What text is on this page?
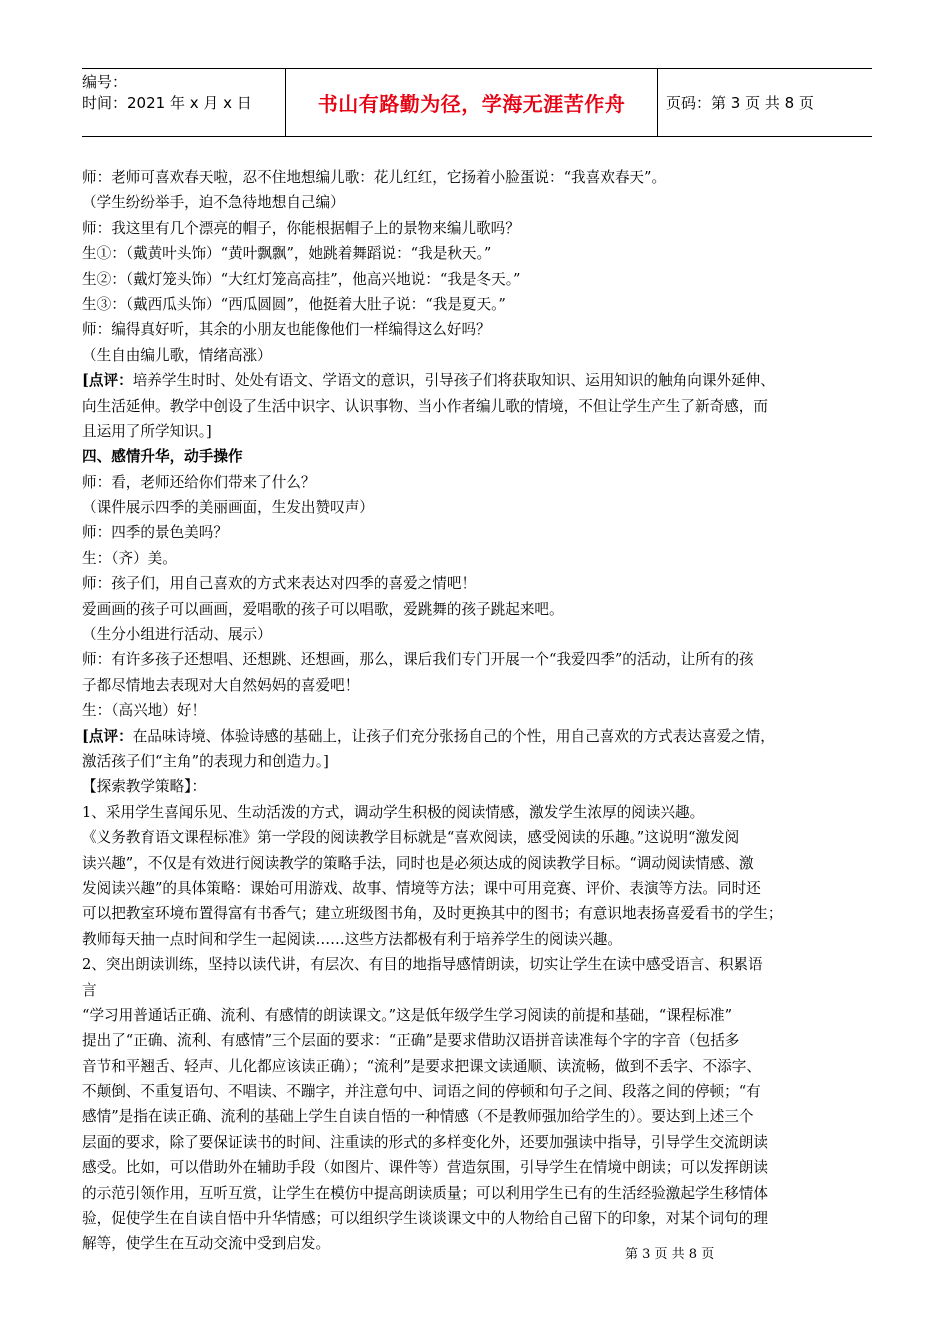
编号：
时间：2021 年 x 月 x 日	书山有路勤为径，学海无涯苦作舟	页码：第 3 页 共 8 页
师：老师可喜欢春天啦，忍不住地想编儿歌：花儿红红，它扬着小脸蛋说：“我喜欢春天”。
（学生纷纷举手，迫不急待地想自己编）
师：我这里有几个漂亮的帽子，你能根据帽子上的景物来编儿歌吗？
生①：（戴黄叶头饰）“黄叶飘飘”，她跳着舞蹈说：“我是秋天。”
生②：（戴灯笼头饰）“大红灯笼高高挂”，他高兴地说：“我是冬天。”
生③：（戴西瓜头饰）“西瓜圆圆”，他挺着大肚子说：“我是夏天。”
师：编得真好听，其余的小朋友也能像他们一样编得这么好吗？
（生自由编儿歌，情绪高涨）
[点评：培养学生时时、处处有语文、学语文的意识，引导孩子们将获取知识、运用知识的触角向课外延伸、
向生活延伸。教学中创设了生活中识字、认识事物、当小作者编儿歌的情境，不但让学生产生了新奇感，而
且运用了所学知识。]
四、感情升华，动手操作
师：看，老师还给你们带来了什么？
（课件展示四季的美丽画面，生发出赞叹声）
师：四季的景色美吗？
生：（齐）美。
师：孩子们，用自己喜欢的方式来表达对四季的喜爱之情吧！
爱画画的孩子可以画画，爱唱歌的孩子可以唱歌，爱跳舞的孩子跳起来吧。
（生分小组进行活动、展示）
师：有许多孩子还想唱、还想跳、还想画，那么，课后我们专门开展一个“我爱四季”的活动，让所有的孩
子都尽情地去表现对大自然妈妈的喜爱吧！
生：（高兴地）好！
[点评：在品味诗境、体验诗感的基础上，让孩子们充分张扬自己的个性，用自己喜欢的方式表达喜爱之情，
激活孩子们“主角”的表现力和创造力。]
【探索教学策略】：
1、采用学生喜闻乐见、生动活泼的方式，调动学生积极的阅读情感，激发学生浓厚的阅读兴趣。
《义务教育语文课程标准》第一学段的阅读教学目标就是“喜欢阅读，感受阅读的乐趣。”这说明“激发阅
读兴趣”，不仅是有效进行阅读教学的策略手法，同时也是必须达成的阅读教学目标。“调动阅读情感、激
发阅读兴趣”的具体策略：课始可用游戏、故事、情境等方法；课中可用竞赛、评价、表演等方法。同时还
可以把教室环境布置得富有书香气；建立班级图书角，及时更换其中的图书；有意识地表扬喜爱看书的学生；
教师每天抽一点时间和学生一起阅读……这些方法都极有利于培养学生的阅读兴趣。
2、突出朗读训练，坚持以读代讲，有层次、有目的地指导感情朗读，切实让学生在读中感受语言、积累语
言
“学习用普通话正确、流利、有感情的朗读课文。”这是低年级学生学习阅读的前提和基础，“课程标准”
提出了“正确、流利、有感情”三个层面的要求：“正确”是要求借助汉语拼音读准每个字的字音（包括多
音节和平翘舌、轻声、儿化都应该读正确）；“流利”是要求把课文读通顺、读流畅，做到不丢字、不添字、
不颠倒、不重复语句、不唱读、不蹦字，并注意句中、词语之间的停顿和句子之间、段落之间的停顿；“有
感情”是指在读正确、流利的基础上学生自读自悟的一种情感（不是教师强加给学生的）。要达到上述三个
层面的要求，除了要保证读书的时间、注重读的形式的多样变化外，还要加强读中指导，引导学生交流朗读
感受。比如，可以借助外在辅助手段（如图片、课件等）营造氛围，引导学生在情境中朗读；可以发挥朗读
的示范引领作用，互听互赏，让学生在模仿中提高朗读质量；可以利用学生已有的生活经验激起学生移情体
验，促使学生在自读自悟中升华情感；可以组织学生谈谈课文中的人物给自己留下的印象，对某个词句的理
解等，使学生在互动交流中受到启发。
第 3 页 共 8 页
